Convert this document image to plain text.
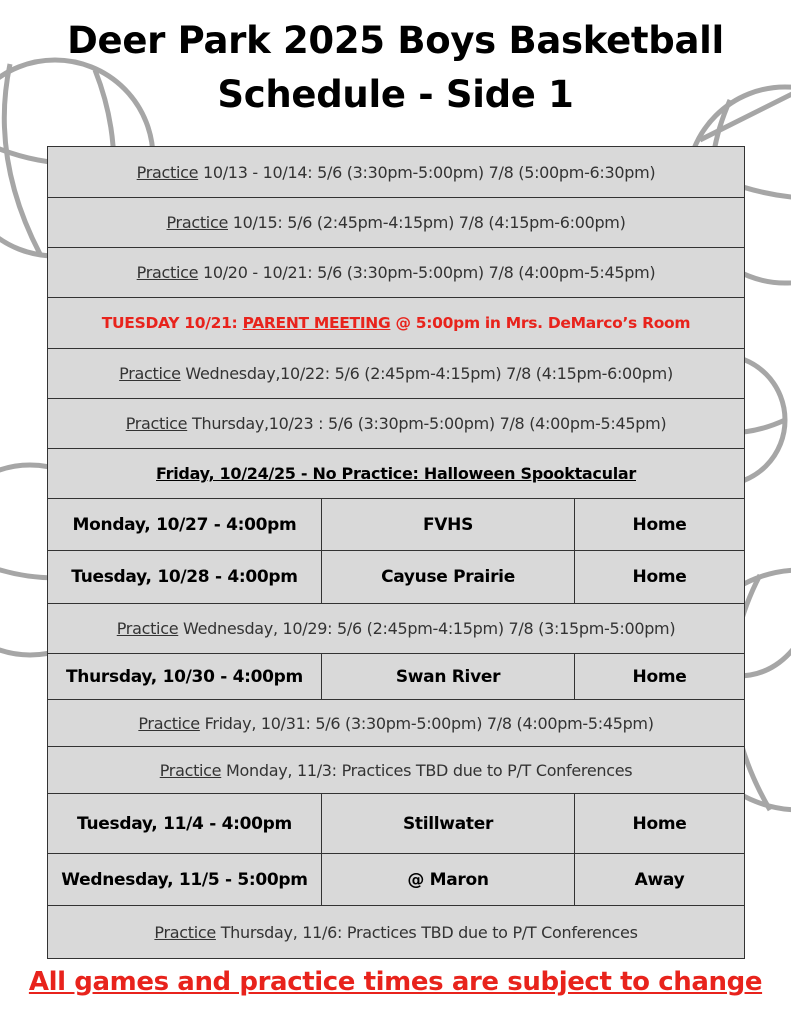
Deer Park 2025 Boys Basketball
Schedule - Side 1
Practice 10/13 - 10/14: 5/6 (3:30pm-5:00pm) 7/8 (5:00pm-6:30pm)		
Practice 10/15: 5/6 (2:45pm-4:15pm) 7/8 (4:15pm-6:00pm)		
Practice 10/20 - 10/21: 5/6 (3:30pm-5:00pm) 7/8 (4:00pm-5:45pm)		
TUESDAY 10/21: PARENT MEETING @ 5:00pm in Mrs. DeMarco’s Room		
Practice Wednesday,10/22: 5/6 (2:45pm-4:15pm) 7/8 (4:15pm-6:00pm)		
Practice Thursday,10/23 : 5/6 (3:30pm-5:00pm) 7/8 (4:00pm-5:45pm)		
Friday, 10/24/25 - No Practice: Halloween Spooktacular		
Monday, 10/27 - 4:00pm	FVHS	Home
Tuesday, 10/28 - 4:00pm	Cayuse Prairie	Home
Practice Wednesday, 10/29: 5/6 (2:45pm-4:15pm) 7/8 (3:15pm-5:00pm)		
Thursday, 10/30 - 4:00pm	Swan River	Home
Practice Friday, 10/31: 5/6 (3:30pm-5:00pm) 7/8 (4:00pm-5:45pm)		
Practice Monday, 11/3: Practices TBD due to P/T Conferences		
Tuesday, 11/4 - 4:00pm	Stillwater	Home
Wednesday, 11/5 - 5:00pm	@ Maron	Away
Practice Thursday, 11/6: Practices TBD due to P/T Conferences		
All games and practice times are subject to change
